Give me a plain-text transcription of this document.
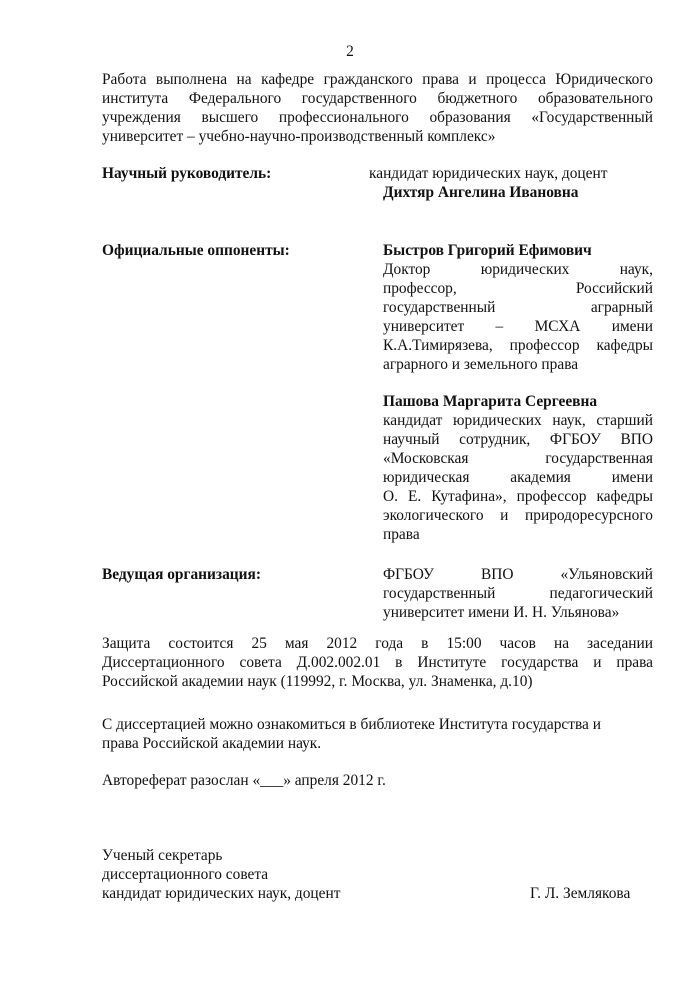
2
Работа выполнена на кафедре гражданского права и процесса Юридического
института Федерального государственного бюджетного образовательного
учреждения высшего профессионального образования «Государственный
университет – учебно-научно-производственный комплекс»
Научный руководитель:	кандидат юридических наук, доцент
Дихтяр Ангелина Ивановна
Официальные оппоненты:	Быстров Григорий Ефимович
Доктор юридических наук,
профессор, Российский
государственный аграрный
университет – МСХА имени
К.А.Тимирязева, профессор кафедры
аграрного и земельного права
Пашова Маргарита Сергеевна
кандидат юридических наук, старший
научный сотрудник, ФГБОУ ВПО
«Московская государственная
юридическая академия имени
О. Е. Кутафина», профессор кафедры
экологического и природоресурсного
права
Ведущая организация:	ФГБОУ ВПО «Ульяновский
государственный педагогический
университет имени И. Н. Ульянова»
Защита состоится 25 мая 2012 года в 15:00 часов на заседании
Диссертационного совета Д.002.002.01 в Институте государства и права
Российской академии наук (119992, г. Москва, ул. Знаменка, д.10)
С диссертацией можно ознакомиться в библиотеке Института государства и
права Российской академии наук.
Автореферат разослан «___» апреля 2012 г.
Ученый секретарь
диссертационного совета
кандидат юридических наук, доцент	Г. Л. Землякова
